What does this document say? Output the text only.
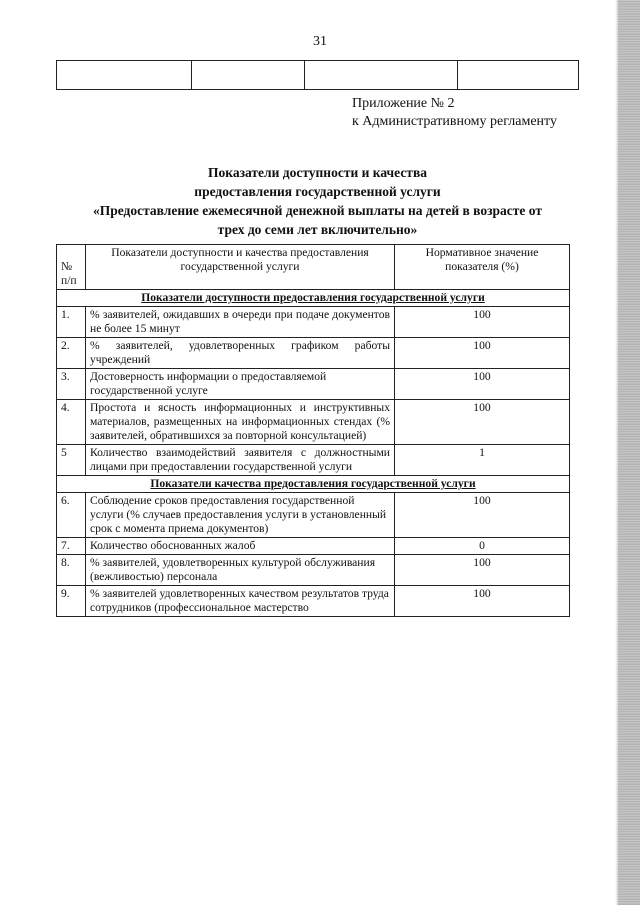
31

Приложение № 2
к Административному регламенту
Показатели доступности и качества
предоставления государственной услуги
«Предоставление ежемесячной денежной выплаты на детей в возрасте от
трех до семи лет включительно»
№ п/п	Показатели доступности и качества предоставления государственной услуги	Нормативное значение показателя (%)
Показатели доступности предоставления государственной услуги		
1.	% заявителей, ожидавших в очереди при подаче документов не более 15 минут	100
2.	% заявителей, удовлетворенных графиком работы учреждений	100
3.	Достоверность информации о предоставляемой государственной услуге	100
4.	Простота и ясность информационных и инструктивных материалов, размещенных на информационных стендах (% заявителей, обратившихся за повторной консультацией)	100
5	Количество взаимодействий заявителя с должностными лицами при предоставлении государственной услуги	1
Показатели качества предоставления государственной услуги		
6.	Соблюдение сроков предоставления государственной услуги (% случаев предоставления услуги в установленный срок с момента приема документов)	100
7.	Количество обоснованных жалоб	0
8.	% заявителей, удовлетворенных культурой обслуживания (вежливостью) персонала	100
9.	% заявителей удовлетворенных качеством результатов труда сотрудников (профессиональное мастерство	100
